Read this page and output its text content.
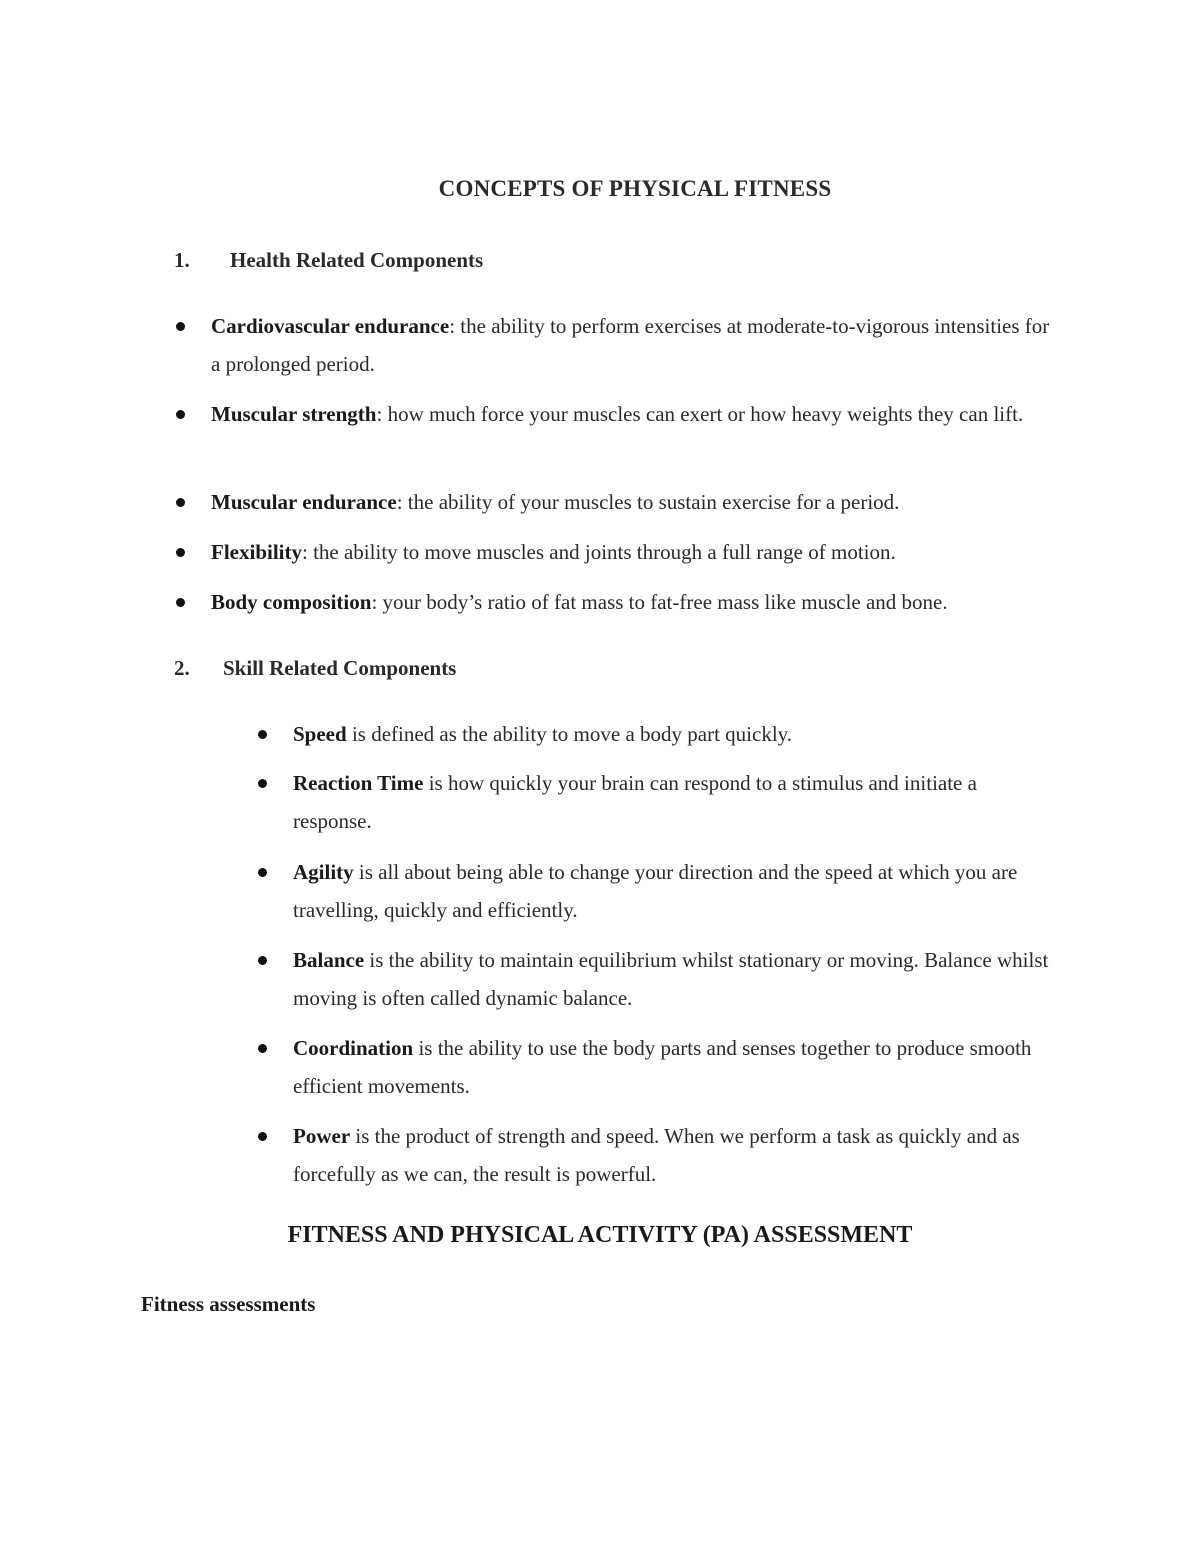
CONCEPTS OF PHYSICAL FITNESS
1. Health Related Components
Cardiovascular endurance: the ability to perform exercises at moderate-to-vigorous intensities for a prolonged period.
Muscular strength: how much force your muscles can exert or how heavy weights they can lift.
Muscular endurance: the ability of your muscles to sustain exercise for a period.
Flexibility: the ability to move muscles and joints through a full range of motion.
Body composition: your body’s ratio of fat mass to fat-free mass like muscle and bone.
2. Skill Related Components
Speed is defined as the ability to move a body part quickly.
Reaction Time is how quickly your brain can respond to a stimulus and initiate a response.
Agility is all about being able to change your direction and the speed at which you are travelling, quickly and efficiently.
Balance is the ability to maintain equilibrium whilst stationary or moving. Balance whilst moving is often called dynamic balance.
Coordination is the ability to use the body parts and senses together to produce smooth efficient movements.
Power is the product of strength and speed. When we perform a task as quickly and as forcefully as we can, the result is powerful.
FITNESS AND PHYSICAL ACTIVITY (PA) ASSESSMENT
Fitness assessments
